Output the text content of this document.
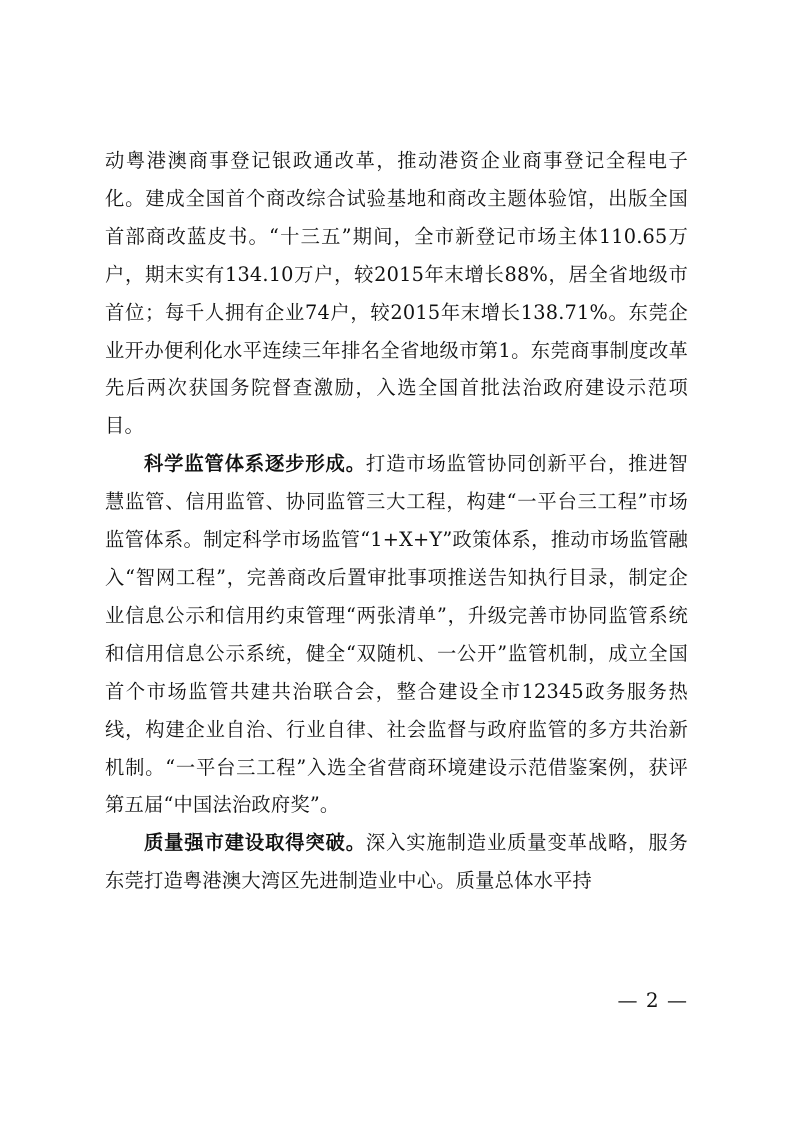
动粤港澳商事登记银政通改革，推动港资企业商事登记全程电子化。建成全国首个商改综合试验基地和商改主题体验馆，出版全国首部商改蓝皮书。“十三五”期间，全市新登记市场主体110.65万户，期末实有134.10万户，较2015年末增长88%，居全省地级市首位；每千人拥有企业74户，较2015年末增长138.71%。东莞企业开办便利化水平连续三年排名全省地级市第1。东莞商事制度改革先后两次获国务院督查激励，入选全国首批法治政府建设示范项目。

科学监管体系逐步形成。打造市场监管协同创新平台，推进智慧监管、信用监管、协同监管三大工程，构建“一平台三工程”市场监管体系。制定科学市场监管“1+X+Y”政策体系，推动市场监管融入“智网工程”，完善商改后置审批事项推送告知执行目录，制定企业信息公示和信用约束管理“两张清单”，升级完善市协同监管系统和信用信息公示系统，健全“双随机、一公开”监管机制，成立全国首个市场监管共建共治联合会，整合建设全市12345政务服务热线，构建企业自治、行业自律、社会监督与政府监管的多方共治新机制。“一平台三工程”入选全省营商环境建设示范借鉴案例，获评第五届“中国法治政府奖”。

质量强市建设取得突破。深入实施制造业质量变革战略，服务东莞打造粤港澳大湾区先进制造业中心。质量总体水平持

— 2 —
